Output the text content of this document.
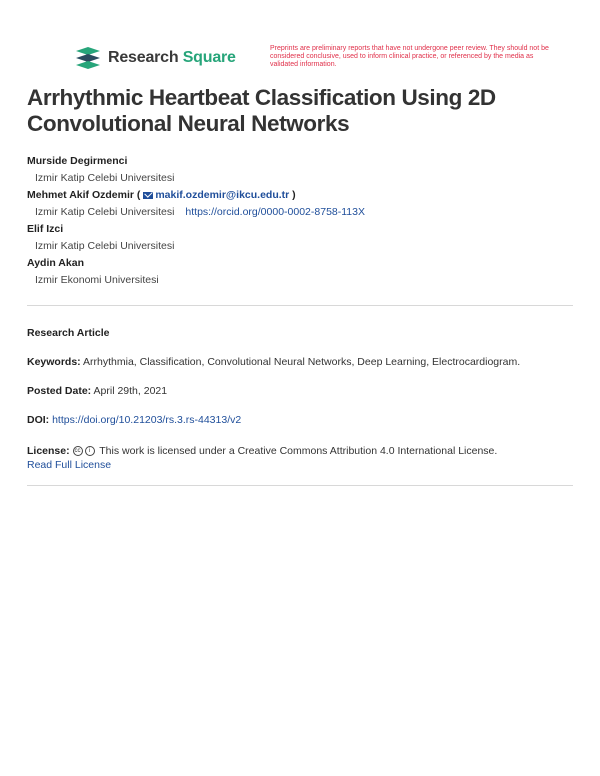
Research Square
Preprints are preliminary reports that have not undergone peer review. They should not be considered conclusive, used to inform clinical practice, or referenced by the media as validated information.
Arrhythmic Heartbeat Classification Using 2D Convolutional Neural Networks
Murside Degirmenci
Izmir Katip Celebi Universitesi
Mehmet Akif Ozdemir ( makif.ozdemir@ikcu.edu.tr )
Izmir Katip Celebi Universitesi https://orcid.org/0000-0002-8758-113X
Elif Izci
Izmir Katip Celebi Universitesi
Aydin Akan
Izmir Ekonomi Universitesi
Research Article
Keywords: Arrhythmia, Classification, Convolutional Neural Networks, Deep Learning, Electrocardiogram.
Posted Date: April 29th, 2021
DOI: https://doi.org/10.21203/rs.3.rs-44313/v2
License: cc i This work is licensed under a Creative Commons Attribution 4.0 International License.
Read Full License
